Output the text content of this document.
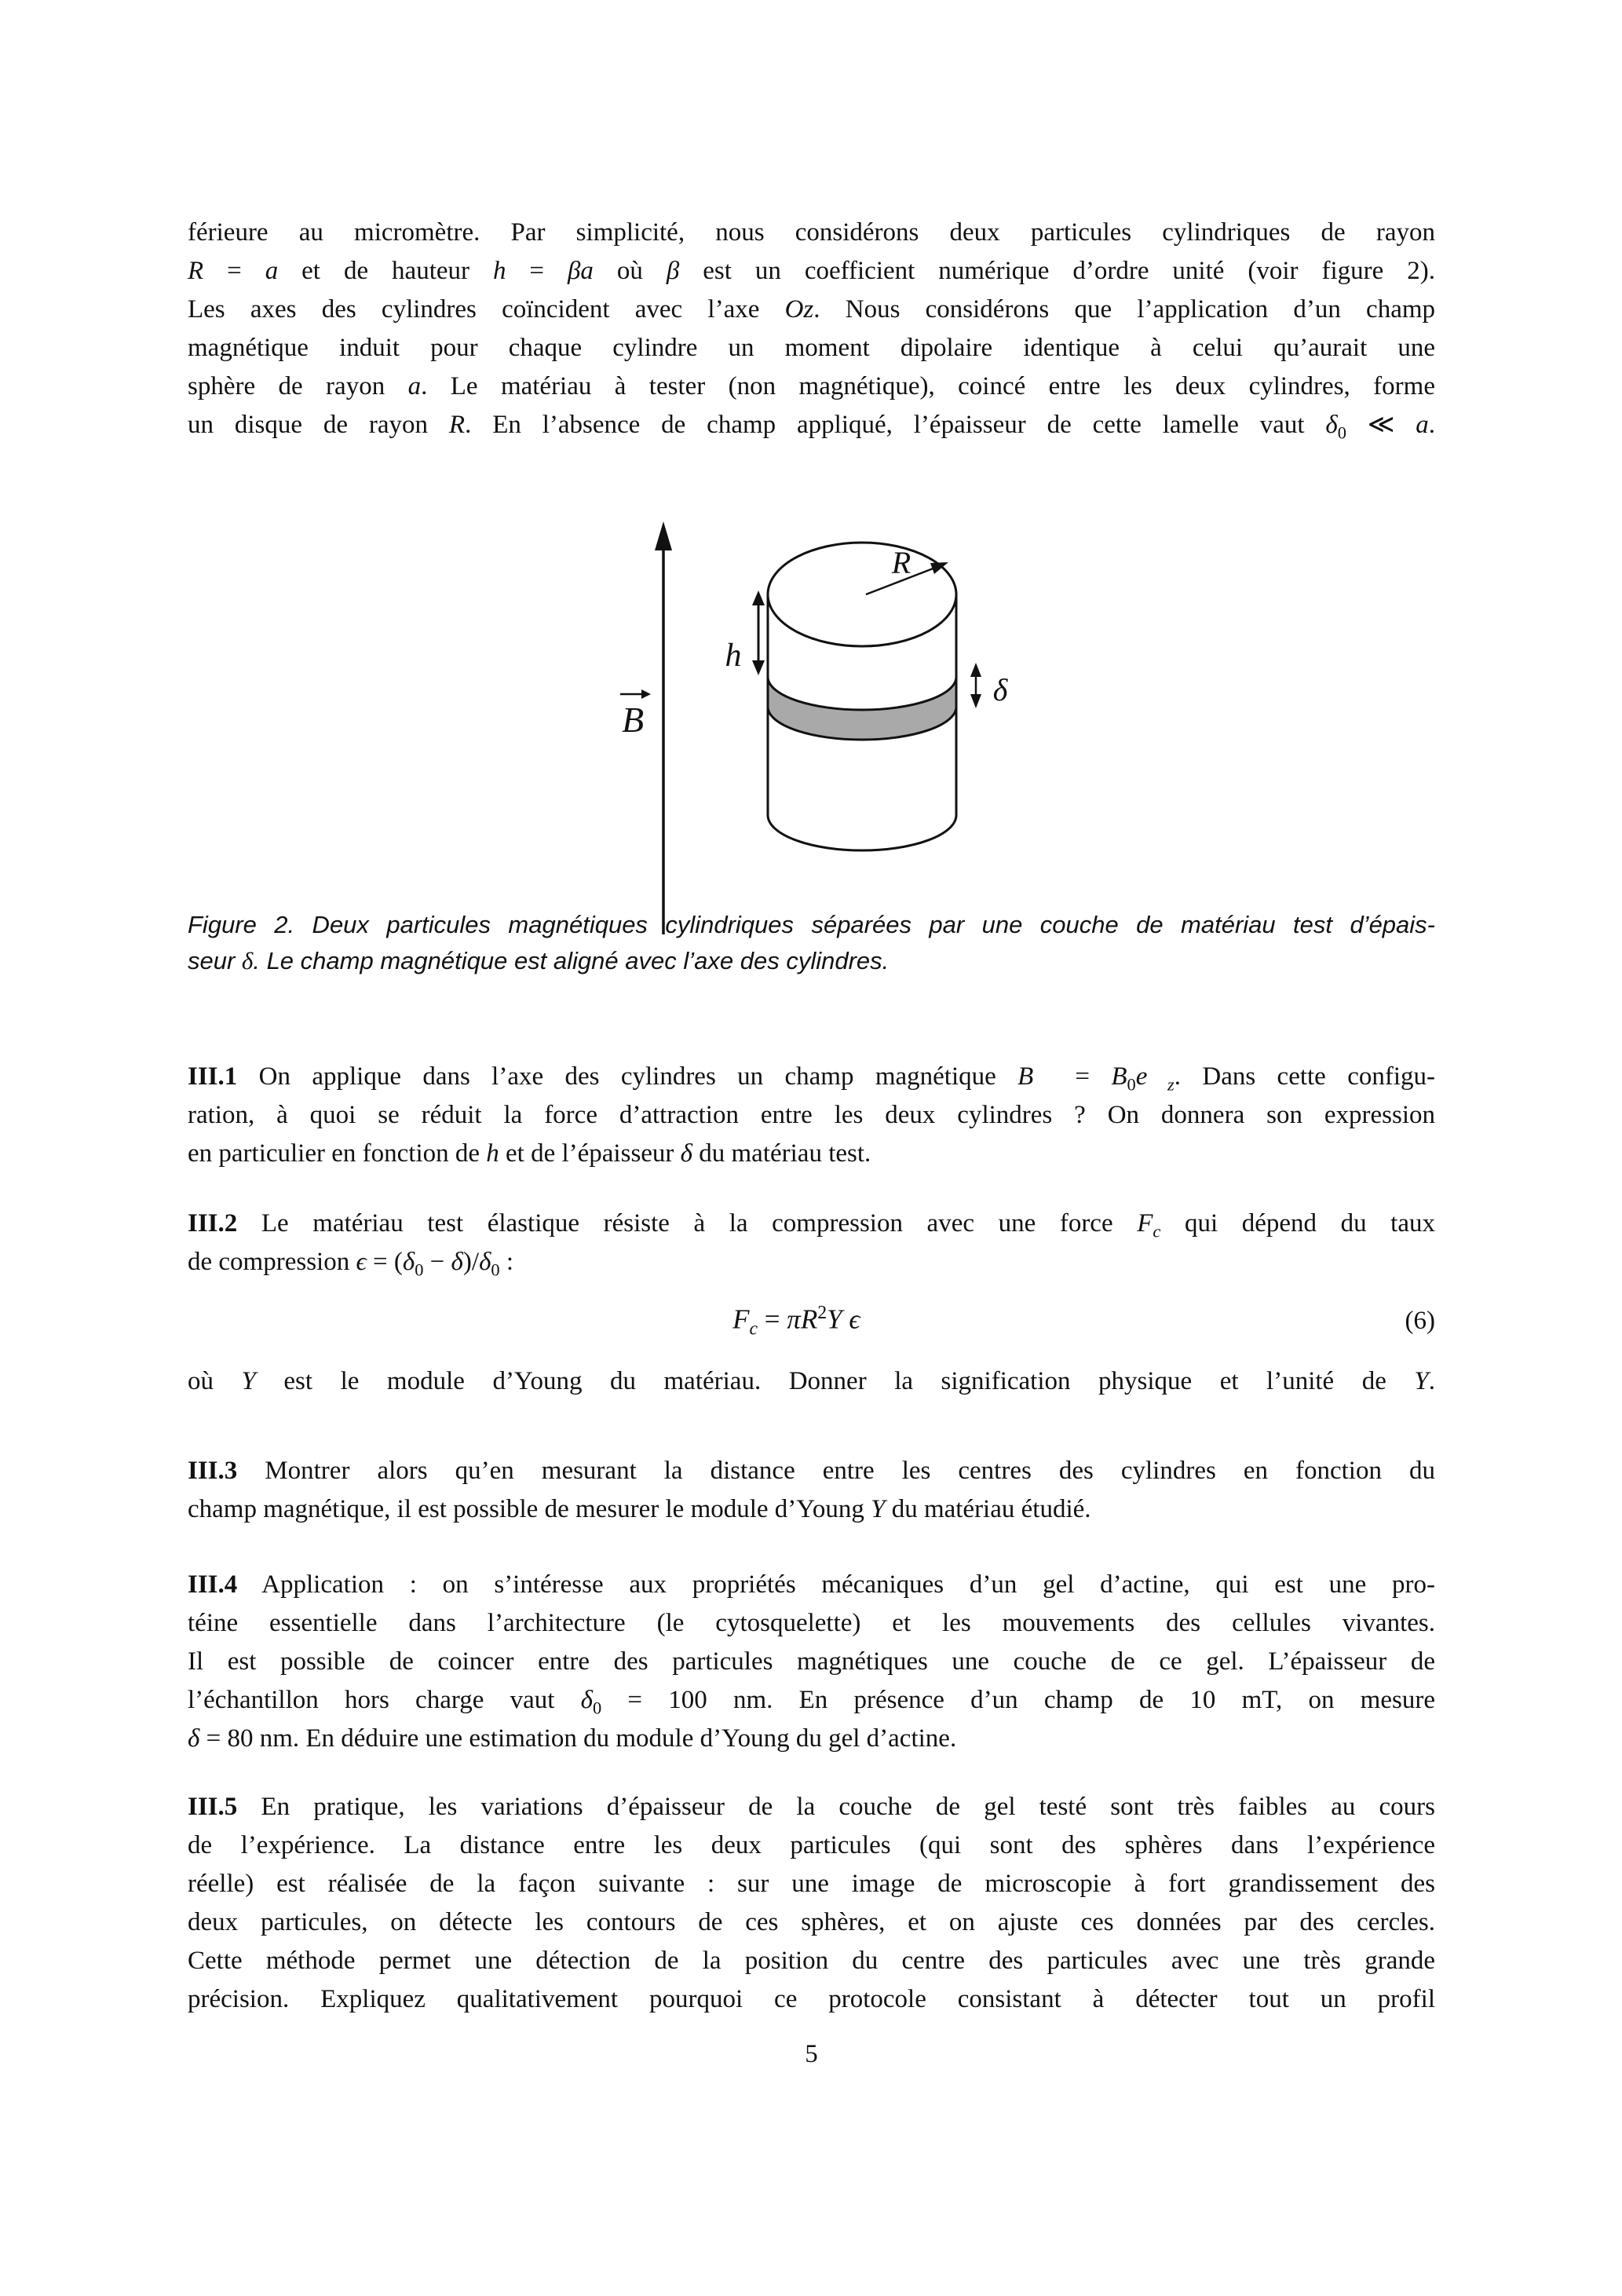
férieure au micromètre. Par simplicité, nous considérons deux particules cylindriques de rayon
R = a et de hauteur h = βa où β est un coefficient numérique d’ordre unité (voir figure 2).
Les axes des cylindres coïncident avec l’axe Oz. Nous considérons que l’application d’un champ
magnétique induit pour chaque cylindre un moment dipolaire identique à celui qu’aurait une
sphère de rayon a. Le matériau à tester (non magnétique), coincé entre les deux cylindres, forme
un disque de rayon R. En l’absence de champ appliqué, l’épaisseur de cette lamelle vaut $\delta_0$ ≪ a.
B
R
h
δ
Figure 2. Deux particules magnétiques cylindriques séparées par une couche de matériau test d’épais-
seur δ. Le champ magnétique est aligné avec l’axe des cylindres.
III.1 On applique dans l’axe des cylindres un champ magnétique B⃗ = $B_0e⃗_z$. Dans cette configu-
ration, à quoi se réduit la force d’attraction entre les deux cylindres ? On donnera son expression
en particulier en fonction de h et de l’épaisseur δ du matériau test.
III.2 Le matériau test élastique résiste à la compression avec une force $F_c$ qui dépend du taux
de compression $\epsilon = (\delta_0 - \delta)/\delta_0$ :
$F_c = \pi R^2Y$ ϵ	(6)
où Y est le module d’Young du matériau. Donner la signification physique et l’unité de Y.
III.3 Montrer alors qu’en mesurant la distance entre les centres des cylindres en fonction du
champ magnétique, il est possible de mesurer le module d’Young Y du matériau étudié.
III.4 Application : on s’intéresse aux propriétés mécaniques d’un gel d’actine, qui est une pro-
téine essentielle dans l’architecture (le cytosquelette) et les mouvements des cellules vivantes.
Il est possible de coincer entre des particules magnétiques une couche de ce gel. L’épaisseur de
l’échantillon hors charge vaut $\delta_0 = 100$ nm. En présence d’un champ de 10 mT, on mesure
δ = 80 nm. En déduire une estimation du module d’Young du gel d’actine.
III.5 En pratique, les variations d’épaisseur de la couche de gel testé sont très faibles au cours
de l’expérience. La distance entre les deux particules (qui sont des sphères dans l’expérience
réelle) est réalisée de la façon suivante : sur une image de microscopie à fort grandissement des
deux particules, on détecte les contours de ces sphères, et on ajuste ces données par des cercles.
Cette méthode permet une détection de la position du centre des particules avec une très grande
précision. Expliquez qualitativement pourquoi ce protocole consistant à détecter tout un profil
5
